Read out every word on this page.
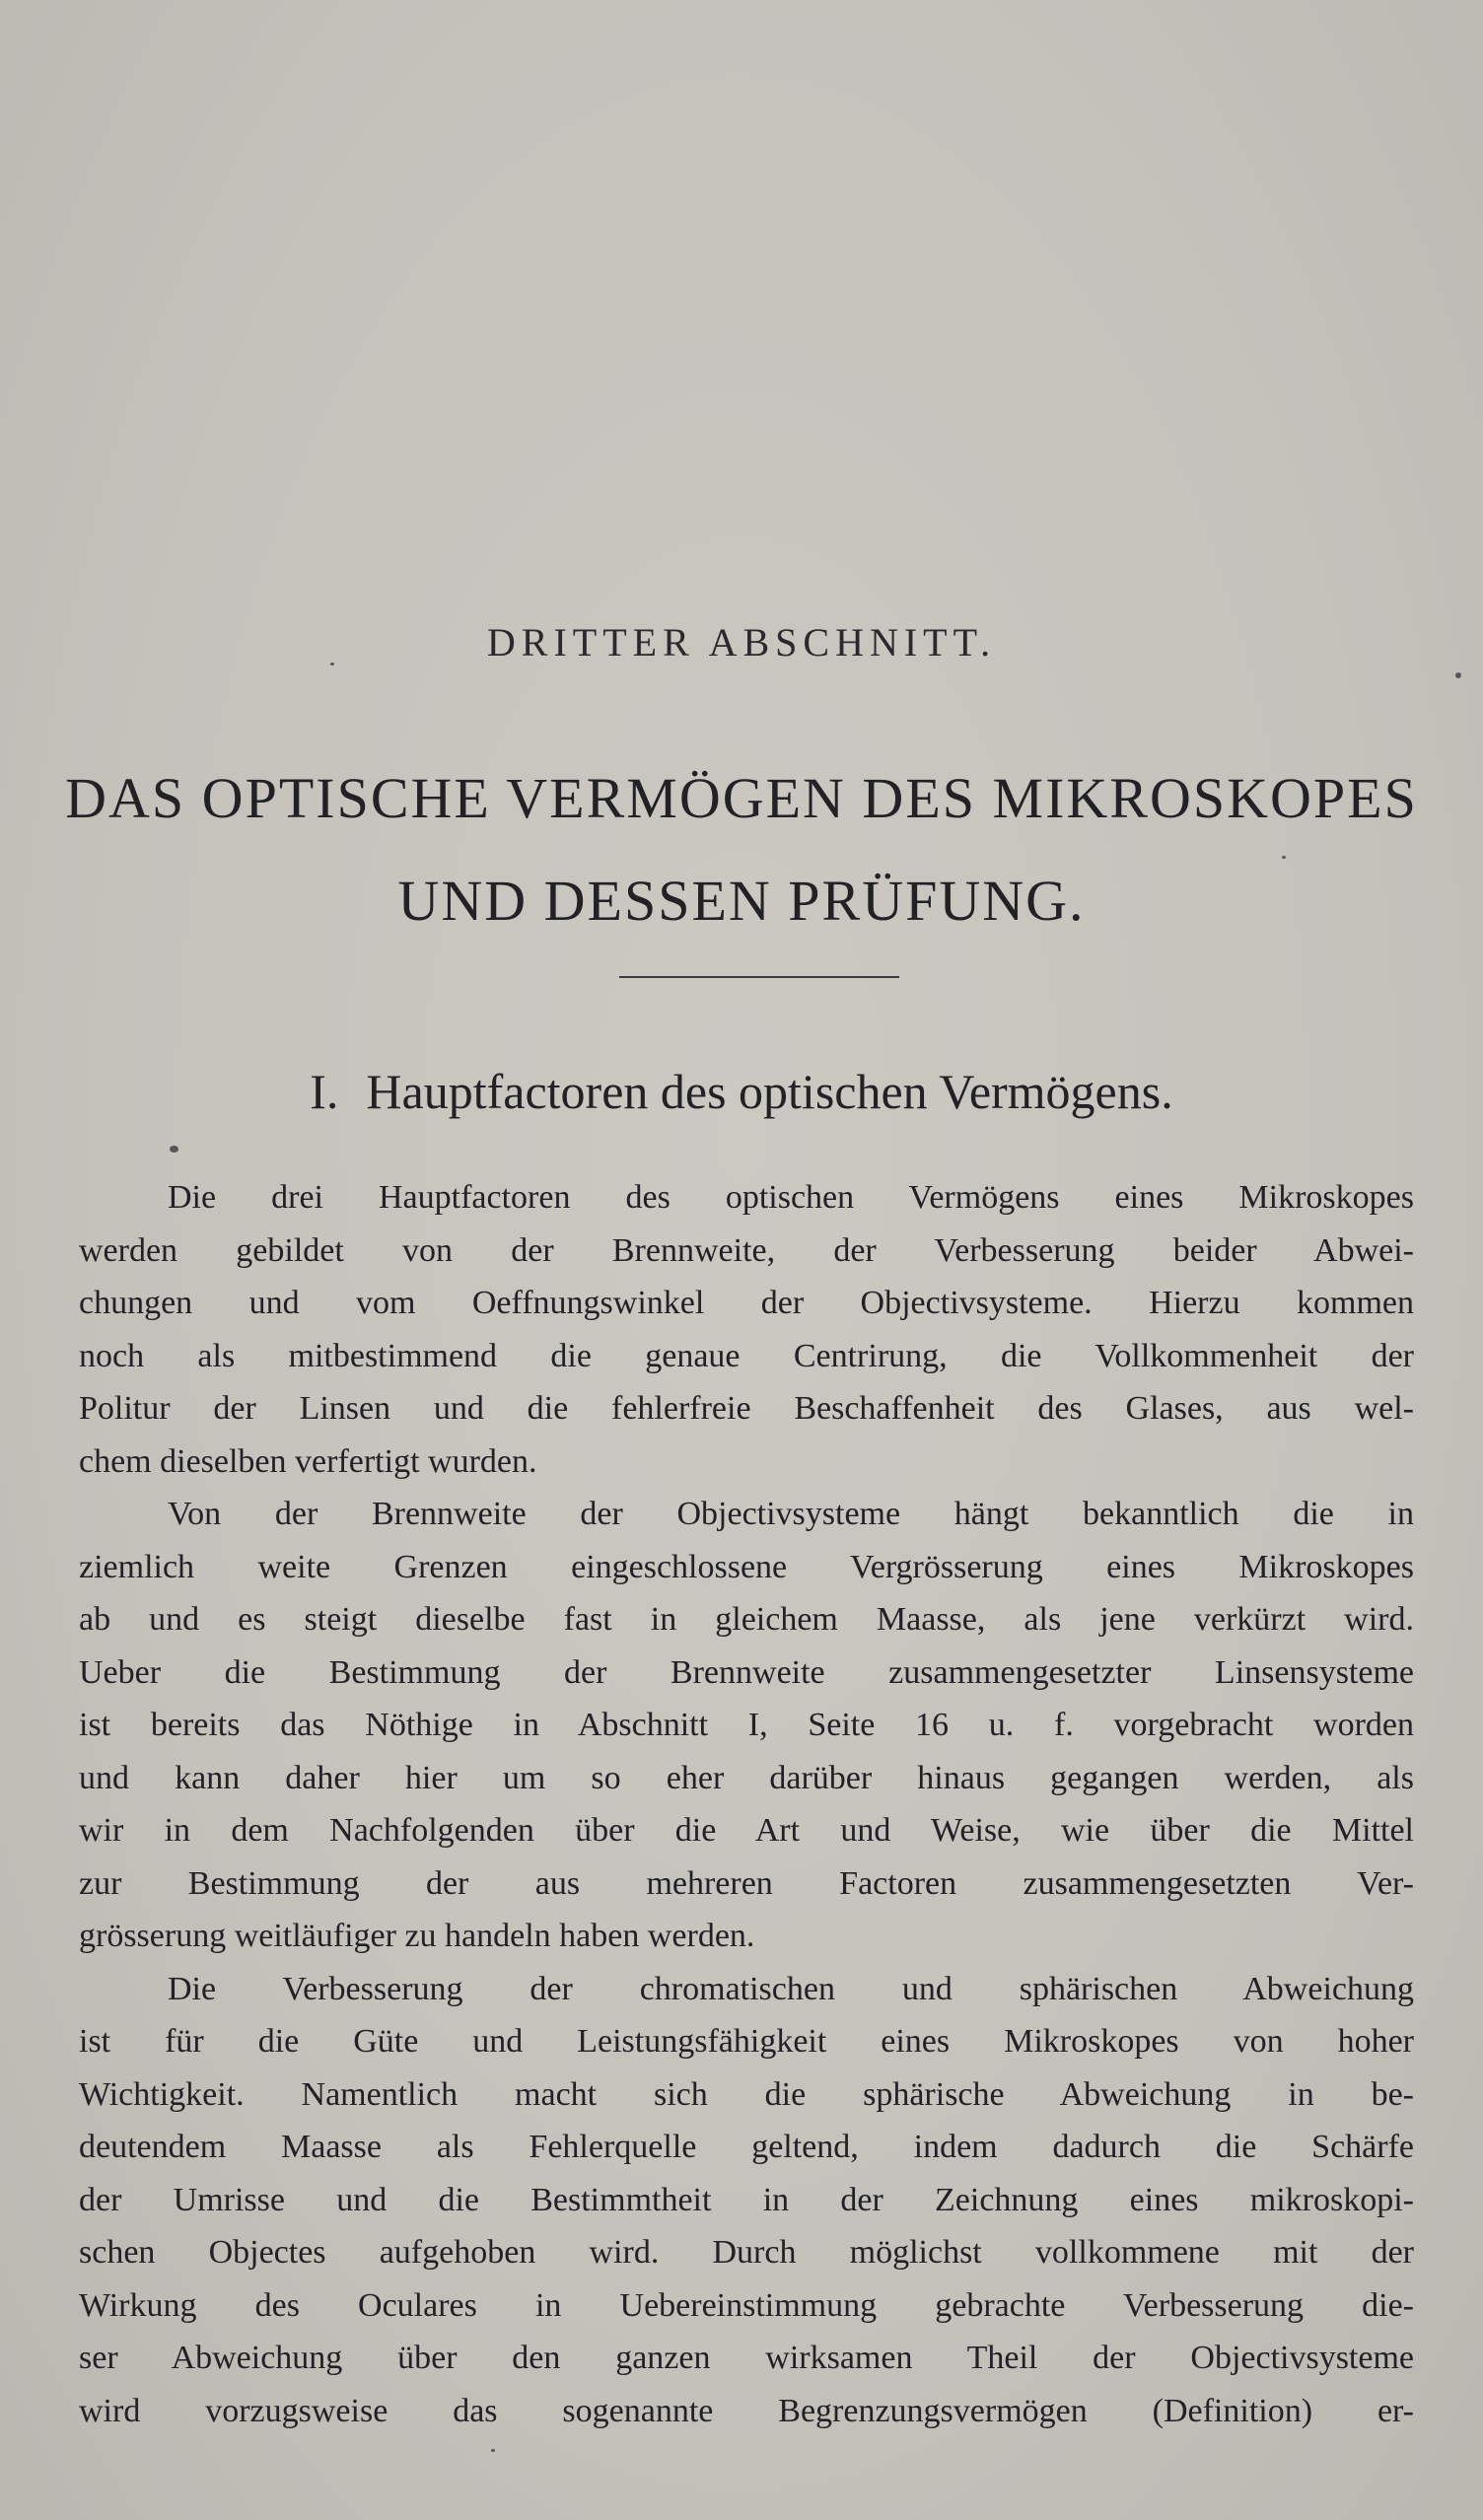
DRITTER ABSCHNITT.
DAS OPTISCHE VERMÖGEN DES MIKROSKOPES
UND DESSEN PRÜFUNG.
I. Hauptfactoren des optischen Vermögens.

Die drei Hauptfactoren des optischen Vermögens eines Mikroskopes
werden gebildet von der Brennweite, der Verbesserung beider Abwei-
chungen und vom Oeffnungswinkel der Objectivsysteme. Hierzu kommen
noch als mitbestimmend die genaue Centrirung, die Vollkommenheit der
Politur der Linsen und die fehlerfreie Beschaffenheit des Glases, aus wel-
chem dieselben verfertigt wurden.

Von der Brennweite der Objectivsysteme hängt bekanntlich die in
ziemlich weite Grenzen eingeschlossene Vergrösserung eines Mikroskopes
ab und es steigt dieselbe fast in gleichem Maasse, als jene verkürzt wird.
Ueber die Bestimmung der Brennweite zusammengesetzter Linsensysteme
ist bereits das Nöthige in Abschnitt I, Seite 16 u. f. vorgebracht worden
und kann daher hier um so eher darüber hinaus gegangen werden, als
wir in dem Nachfolgenden über die Art und Weise, wie über die Mittel
zur Bestimmung der aus mehreren Factoren zusammengesetzten Ver-
grösserung weitläufiger zu handeln haben werden.

Die Verbesserung der chromatischen und sphärischen Abweichung
ist für die Güte und Leistungsfähigkeit eines Mikroskopes von hoher
Wichtigkeit. Namentlich macht sich die sphärische Abweichung in be-
deutendem Maasse als Fehlerquelle geltend, indem dadurch die Schärfe
der Umrisse und die Bestimmtheit in der Zeichnung eines mikroskopi-
schen Objectes aufgehoben wird. Durch möglichst vollkommene mit der
Wirkung des Oculares in Uebereinstimmung gebrachte Verbesserung die-
ser Abweichung über den ganzen wirksamen Theil der Objectivsysteme
wird vorzugsweise das sogenannte Begrenzungsvermögen (Definition) er-
